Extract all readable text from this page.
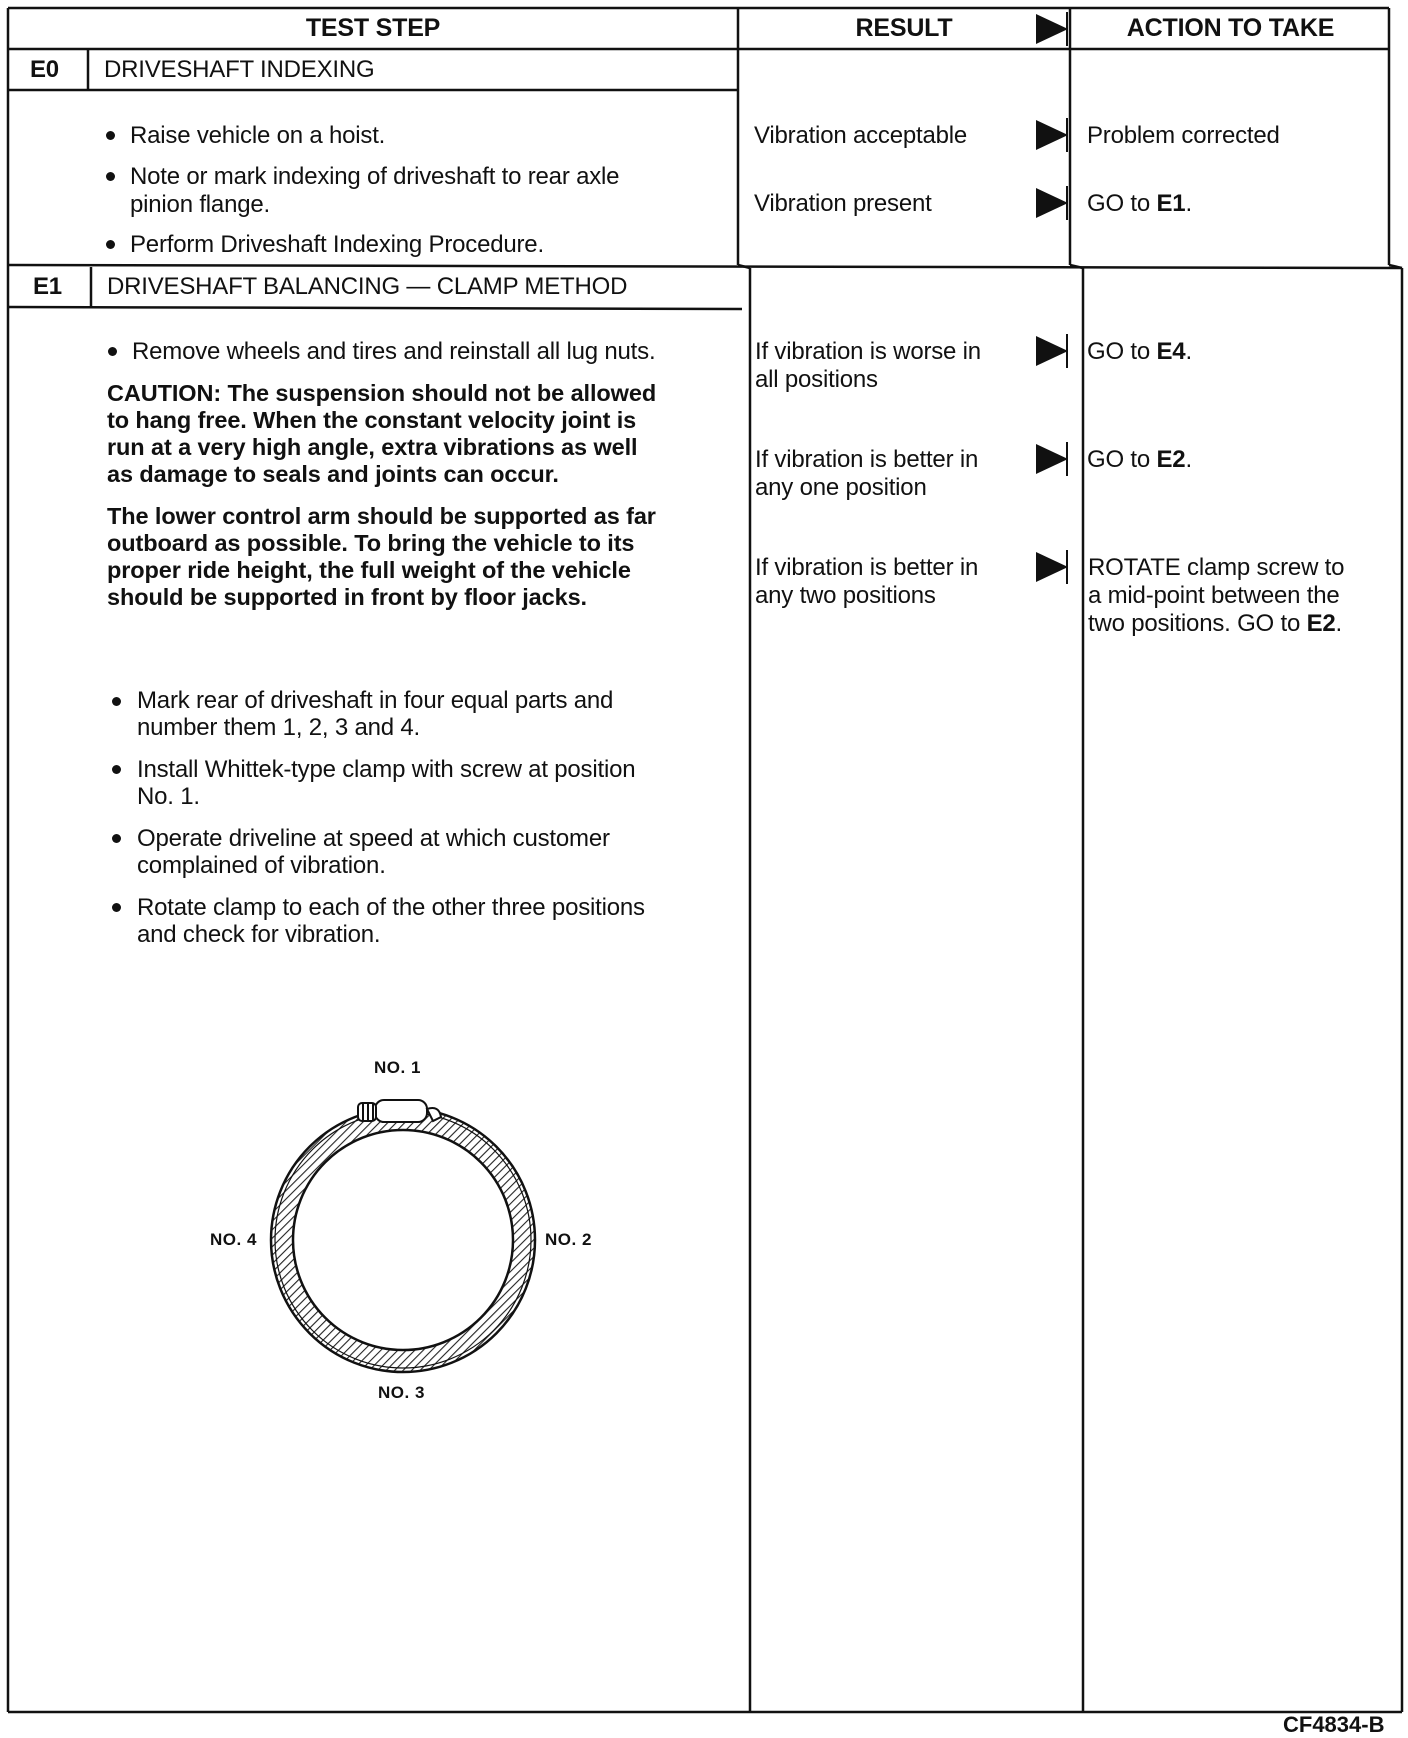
TEST STEP	RESULT	ACTION TO TAKE
E0 DRIVESHAFT INDEXING
Raise vehicle on a hoist.
Note or mark indexing of driveshaft to rear axle
pinion flange.
Perform Driveshaft Indexing Procedure.
Vibration acceptable
Vibration present
Problem corrected
GO to E1.
E1 DRIVESHAFT BALANCING — CLAMP METHOD
Remove wheels and tires and reinstall all lug nuts.
CAUTION: The suspension should not be allowed
to hang free. When the constant velocity joint is
run at a very high angle, extra vibrations as well
as damage to seals and joints can occur.
The lower control arm should be supported as far
outboard as possible. To bring the vehicle to its
proper ride height, the full weight of the vehicle
should be supported in front by floor jacks.
Mark rear of driveshaft in four equal parts and
number them 1, 2, 3 and 4.
Install Whittek-type clamp with screw at position
No. 1.
Operate driveline at speed at which customer
complained of vibration.
Rotate clamp to each of the other three positions
and check for vibration.
If vibration is worse in
all positions
If vibration is better in
any one position
If vibration is better in
any two positions
GO to E4.
GO to E2.
ROTATE clamp screw to
a mid-point between the
two positions. GO to E2.
NO. 1
NO. 2
NO. 3
NO. 4
CF4834-B
